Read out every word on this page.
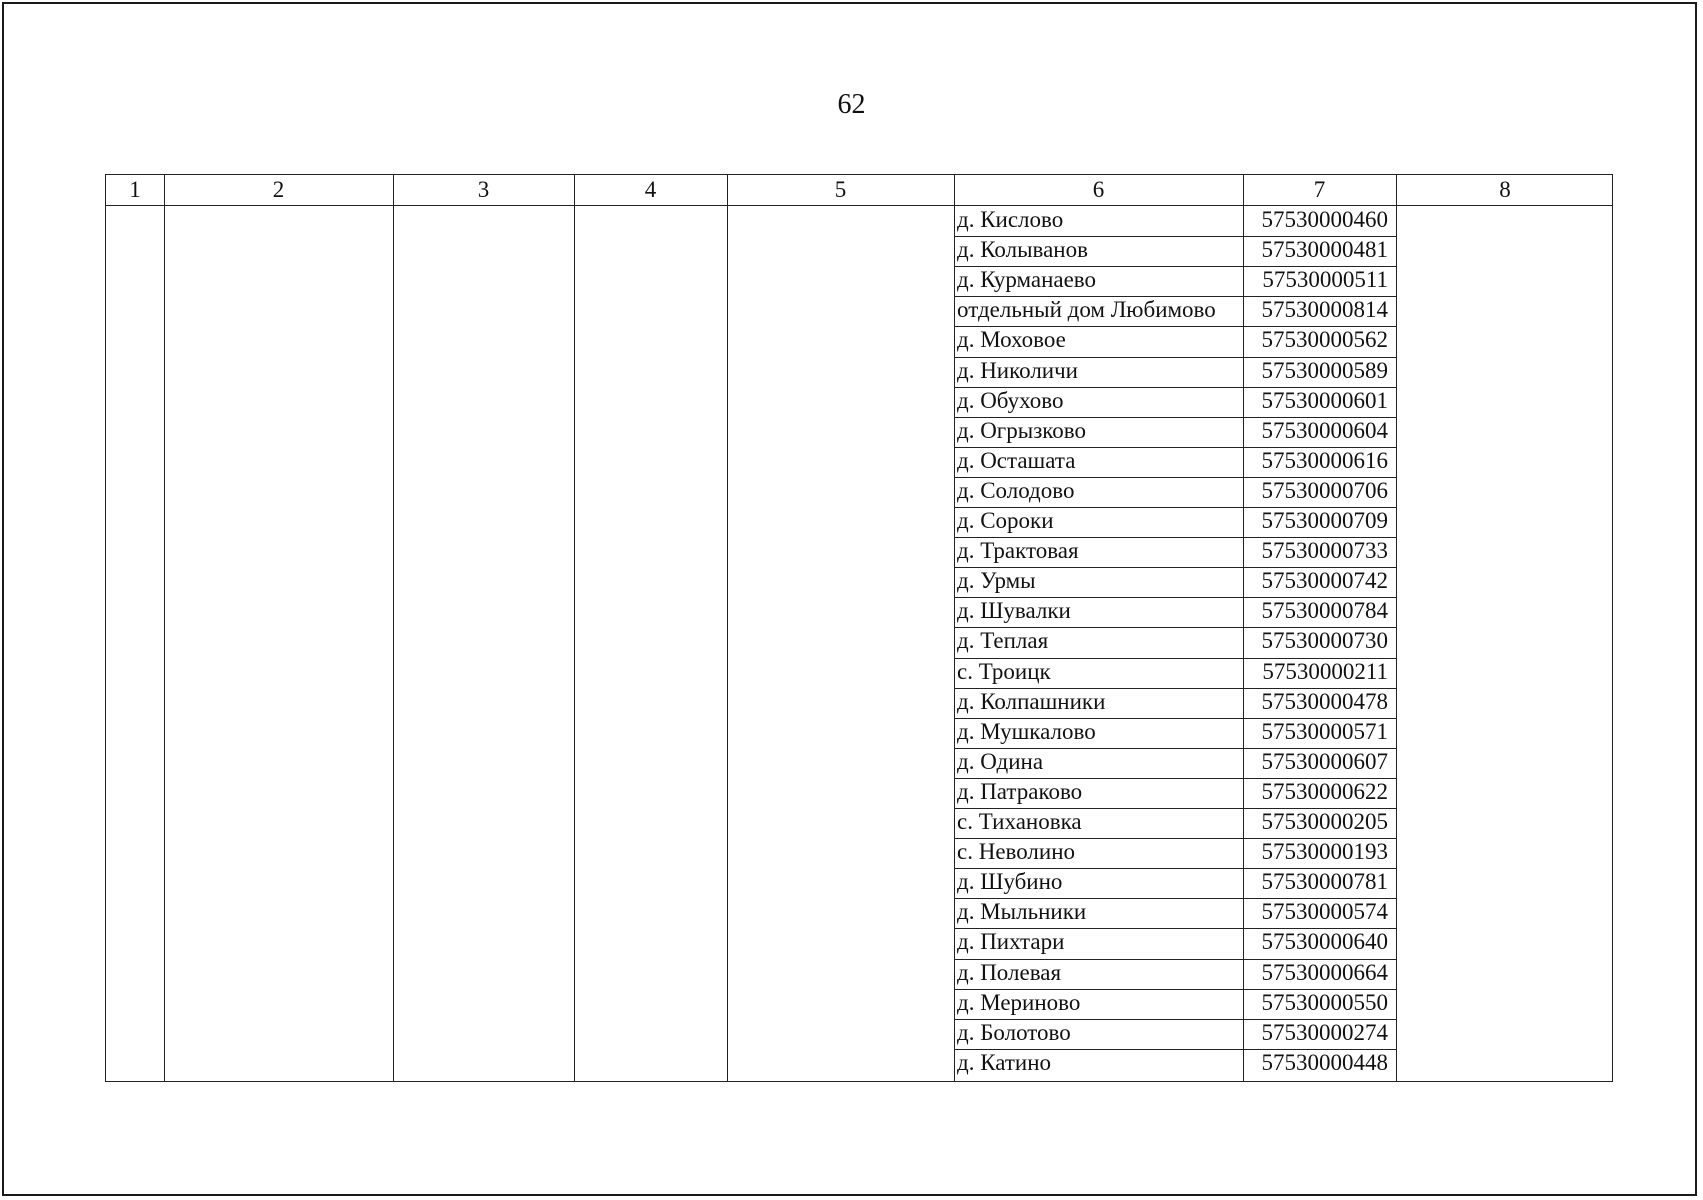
62
1	2	3	4	5	6	7	8
д. Кислово	57530000460
д. Колыванов	57530000481
д. Курманаево	57530000511
отдельный дом Любимово	57530000814
д. Моховое	57530000562
д. Николичи	57530000589
д. Обухово	57530000601
д. Огрызково	57530000604
д. Осташата	57530000616
д. Солодово	57530000706
д. Сороки	57530000709
д. Трактовая	57530000733
д. Урмы	57530000742
д. Шувалки	57530000784
д. Теплая	57530000730
с. Троицк	57530000211
д. Колпашники	57530000478
д. Мушкалово	57530000571
д. Одина	57530000607
д. Патраково	57530000622
с. Тихановка	57530000205
с. Неволино	57530000193
д. Шубино	57530000781
д. Мыльники	57530000574
д. Пихтари	57530000640
д. Полевая	57530000664
д. Мериново	57530000550
д. Болотово	57530000274
д. Катино	57530000448
